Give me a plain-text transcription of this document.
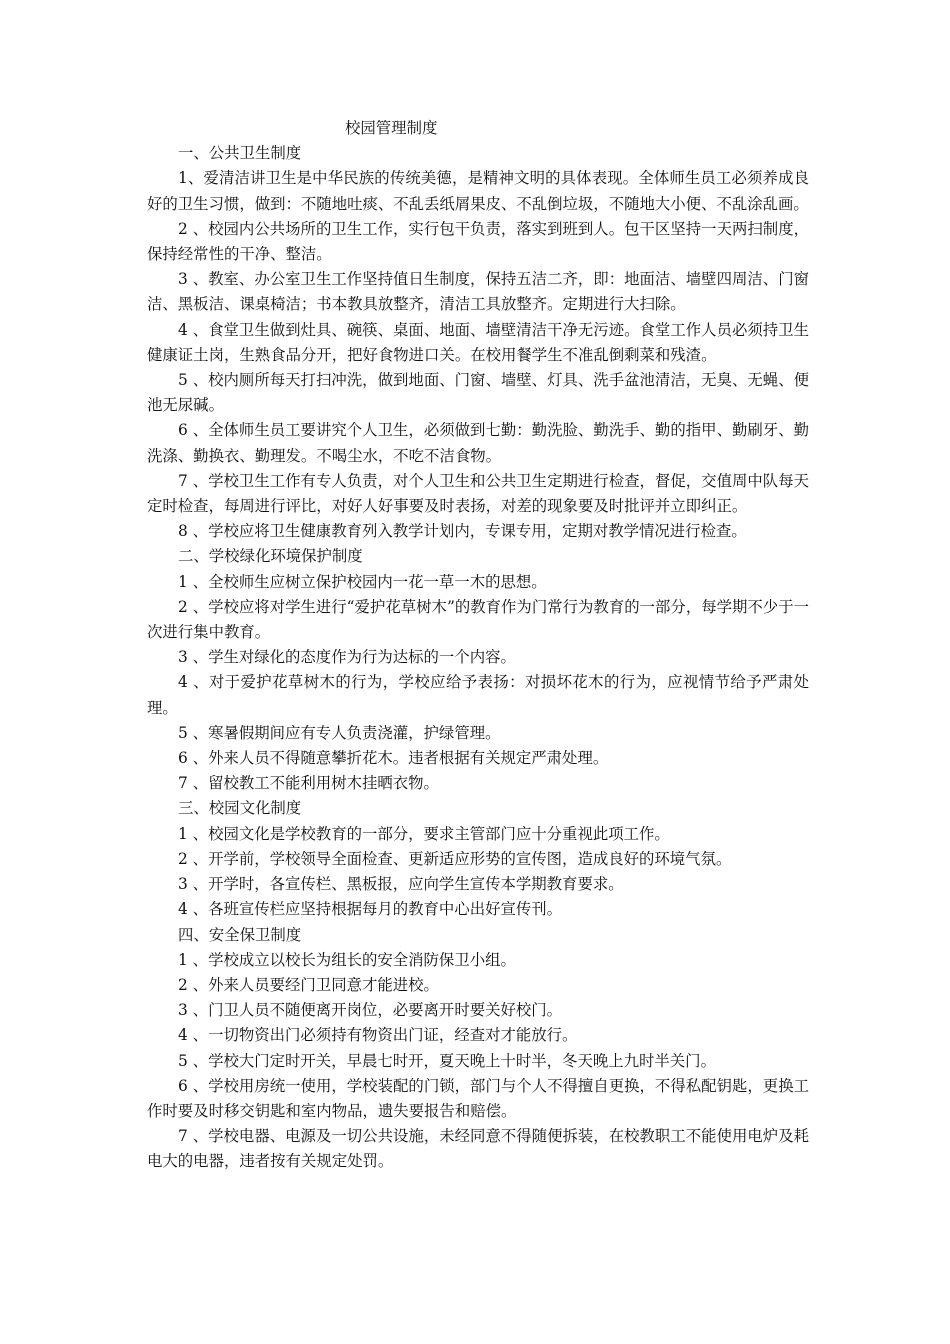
校园管理制度
一、公共卫生制度

1、爱清洁讲卫生是中华民族的传统美德，是精神文明的具体表现。全体师生员工必须养成良好的卫生习惯，做到：不随地吐痰、不乱丢纸屑果皮、不乱倒垃圾，不随地大小便、不乱涂乱画。

2 、校园内公共场所的卫生工作，实行包干负责，落实到班到人。包干区坚持一天两扫制度，保持经常性的干净、整洁。

3 、教室、办公室卫生工作坚持值日生制度，保持五洁二齐，即：地面洁、墙壁四周洁、门窗洁、黑板洁、课桌椅洁；书本教具放整齐，清洁工具放整齐。定期进行大扫除。

4 、食堂卫生做到灶具、碗筷、桌面、地面、墙壁清洁干净无污迹。食堂工作人员必须持卫生健康证土岗，生熟食品分开，把好食物进口关。在校用餐学生不准乱倒剩菜和残渣。

5 、校内厕所每天打扫冲洗，做到地面、门窗、墙壁、灯具、洗手盆池清洁，无臭、无蝇、便池无尿碱。

6 、全体师生员工要讲究个人卫生，必须做到七勤：勤洗脸、勤洗手、勤的指甲、勤刷牙、勤洗涤、勤换衣、勤理发。不喝尘水，不吃不洁食物。

7 、学校卫生工作有专人负责，对个人卫生和公共卫生定期进行检查，督促，交值周中队每天定时检查，每周进行评比，对好人好事要及时表扬，对差的现象要及时批评并立即纠正。

8 、学校应将卫生健康教育列入教学计划内，专课专用，定期对教学情况进行检查。

二、学校绿化环境保护制度

1 、全校师生应树立保护校园内一花一草一木的思想。

2 、学校应将对学生进行“爱护花草树木”的教育作为门常行为教育的一部分，每学期不少于一次进行集中教育。

3 、学生对绿化的态度作为行为达标的一个内容。

4 、对于爱护花草树木的行为，学校应给予表扬：对损坏花木的行为，应视情节给予严肃处理。

5 、寒暑假期间应有专人负责浇灌，护绿管理。

6 、外来人员不得随意攀折花木。违者根据有关规定严肃处理。

7 、留校教工不能利用树木挂晒衣物。

三、校园文化制度

1 、校园文化是学校教育的一部分，要求主管部门应十分重视此项工作。

2 、开学前，学校领导全面检查、更新适应形势的宣传图，造成良好的环境气氛。

3 、开学时，各宣传栏、黑板报，应向学生宣传本学期教育要求。

4 、各班宣传栏应坚持根据每月的教育中心出好宣传刊。

四、安全保卫制度

1 、学校成立以校长为组长的安全消防保卫小组。

2 、外来人员要经门卫同意才能进校。

3 、门卫人员不随便离开岗位，必要离开时要关好校门。

4 、一切物资出门必须持有物资出门证，经查对才能放行。

5 、学校大门定时开关，早晨七时开，夏天晚上十时半，冬天晚上九时半关门。

6 、学校用房统一使用，学校装配的门锁，部门与个人不得擅自更换，不得私配钥匙，更换工作时要及时移交钥匙和室内物品，遗失要报告和赔偿。

7 、学校电器、电源及一切公共设施，未经同意不得随便拆装，在校教职工不能使用电炉及耗电大的电器，违者按有关规定处罚。
